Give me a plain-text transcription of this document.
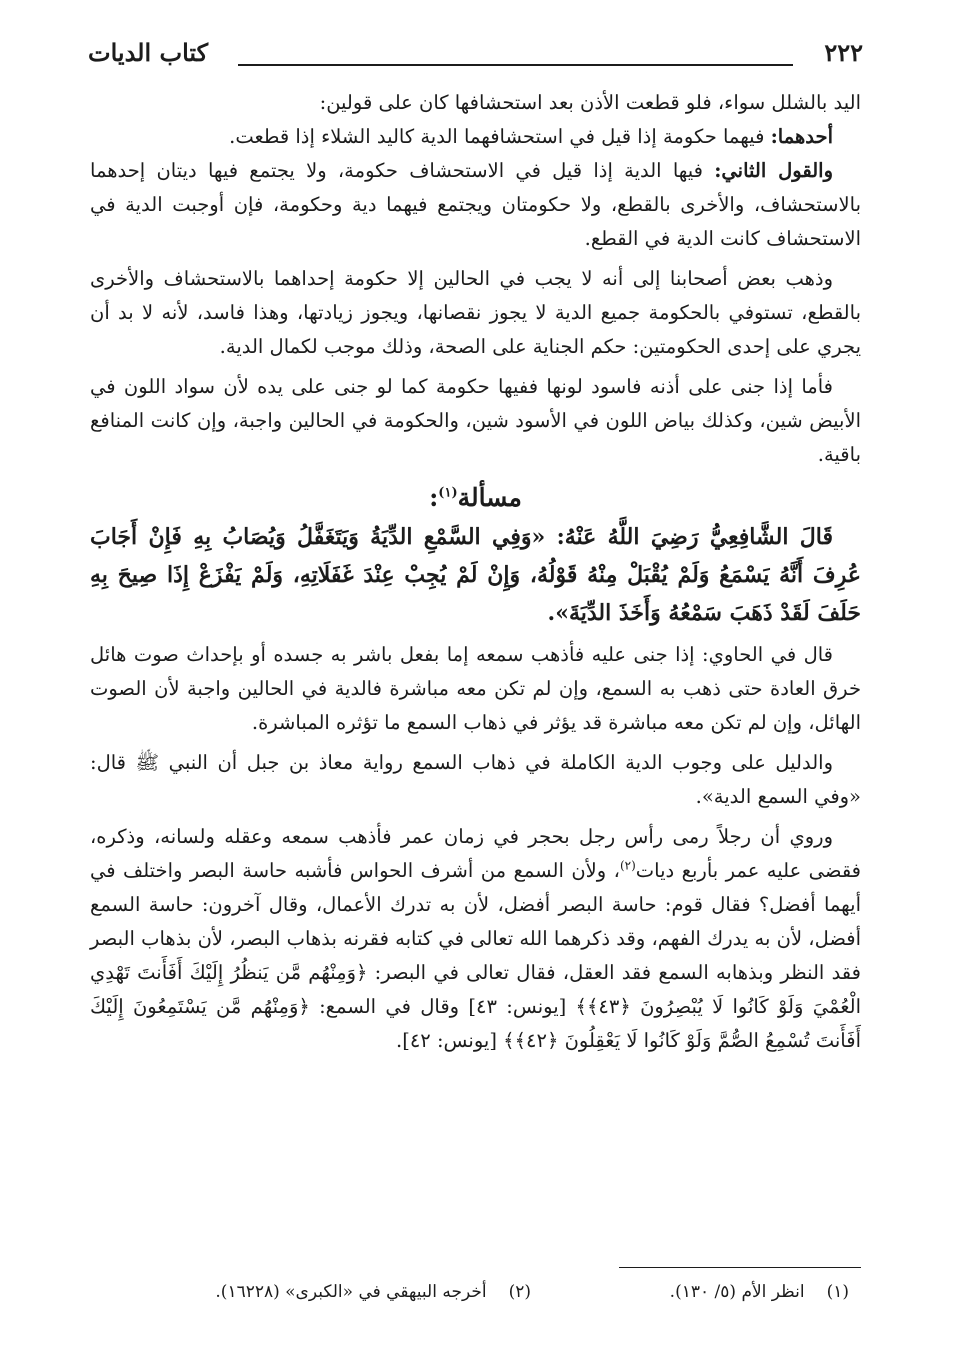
٢٢٢
كتاب الديات

اليد بالشلل سواء، فلو قطعت الأذن بعد استحشافها كان على قولين:

أحدهما: فيهما حكومة إذا قيل في استحشافهما الدية كاليد الشلاء إذا قطعت.

والقول الثاني: فيها الدية إذا قيل في الاستحشاف حكومة، ولا يجتمع فيها ديتان إحدهما بالاستحشاف، والأخرى بالقطع، ولا حكومتان ويجتمع فيهما دية وحكومة، فإن أوجبت الدية في الاستحشاف كانت الدية في القطع.

وذهب بعض أصحابنا إلى أنه لا يجب في الحالين إلا حكومة إحداهما بالاستحشاف والأخرى بالقطع، تستوفي بالحكومة جميع الدية لا يجوز نقصانها، ويجوز زيادتها، وهذا فاسد، لأنه لا بد أن يجري على إحدى الحكومتين: حكم الجناية على الصحة، وذلك موجب لكمال الدية.

فأما إذا جنى على أذنه فاسود لونها ففيها حكومة كما لو جنى على يده لأن سواد اللون في الأبيض شين، وكذلك بياض اللون في الأسود شين، والحكومة في الحالين واجبة، وإن كانت المنافع باقية.

مسألة$^{(١)}$:

قَالَ الشَّافِعِيُّ رَضِيَ اللَّهُ عَنْهُ: «وَفِي السَّمْعِ الدِّيَةُ وَيَتَغَفَّلُ وَيُصَابُ بِهِ فَإِنْ أَجَابَ عُرِفَ أَنَّهُ يَسْمَعُ وَلَمْ يُقْبَلْ مِنْهُ قَوْلُهُ، وَإِنْ لَمْ يُجِبْ عِنْدَ غَفَلَاتِهِ، وَلَمْ يَفْزَعْ إِذَا صِيحَ بِهِ حَلَفَ لَقَدْ ذَهَبَ سَمْعُهُ وَأَخَذَ الدِّيَةَ».

قال في الحاوي: إذا جنى عليه فأذهب سمعه إما بفعل باشر به جسده أو بإحداث صوت هائل خرق العادة حتى ذهب به السمع، وإن لم تكن معه مباشرة فالدية في الحالين واجبة لأن الصوت الهائل، وإن لم تكن معه مباشرة قد يؤثر في ذهاب السمع ما تؤثره المباشرة.

والدليل على وجوب الدية الكاملة في ذهاب السمع رواية معاذ بن جبل أن النبي ﷺ قال: «وفي السمع الدية».

وروي أن رجلاً رمى رأس رجل بحجر في زمان عمر فأذهب سمعه وعقله ولسانه، وذكره، فقضى عليه عمر بأربع ديات$^{(٢)}$، ولأن السمع من أشرف الحواس فأشبه حاسة البصر واختلف في أيهما أفضل؟ فقال قوم: حاسة البصر أفضل، لأن به تدرك الأعمال، وقال آخرون: حاسة السمع أفضل، لأن به يدرك الفهم، وقد ذكرهما الله تعالى في كتابه فقرنه بذهاب البصر، لأن بذهاب البصر فقد النظر وبذهابه السمع فقد العقل، فقال تعالى في البصر: ﴿وَمِنْهُم مَّن يَنظُرُ إِلَيْكَ أَفَأَنتَ تَهْدِي الْعُمْيَ وَلَوْ كَانُوا لَا يُبْصِرُونَ ﴿٤٣﴾﴾ [يونس: ٤٣] وقال في السمع: ﴿وَمِنْهُم مَّن يَسْتَمِعُونَ إِلَيْكَ أَفَأَنتَ تُسْمِعُ الصُّمَّ وَلَوْ كَانُوا لَا يَعْقِلُونَ ﴿٤٢﴾﴾ [يونس: ٤٢].

(١)انظر الأم (٥/ ١٣٠).
(٢)أخرجه البيهقي في «الكبرى» (١٦٢٢٨).
